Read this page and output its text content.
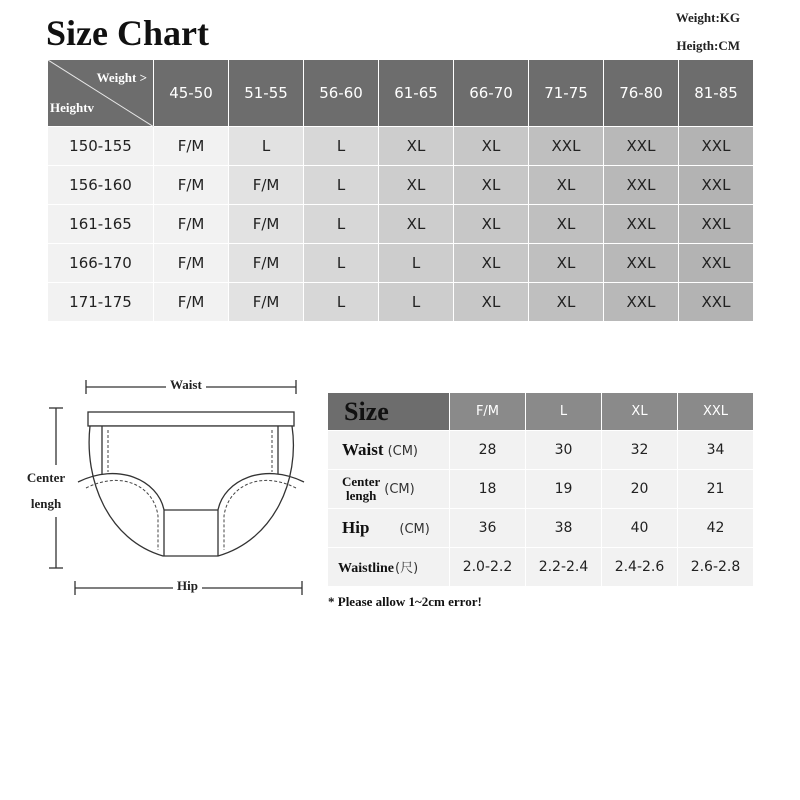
Size Chart	Weight:KG
Heigth:CM
Weight >
Heightv	45-50	51-55	56-60	61-65	66-70	71-75	76-80	81-85
150-155	F/M	L	L	XL	XL	XXL	XXL	XXL
156-160	F/M	F/M	L	XL	XL	XL	XXL	XXL
161-165	F/M	F/M	L	XL	XL	XL	XXL	XXL
166-170	F/M	F/M	L	L	XL	XL	XXL	XXL
171-175	F/M	F/M	L	L	XL	XL	XXL	XXL
Waist
Center
lengh
Hip
Size	F/M	L	XL	XXL
Waist (CM)	28	30	32	34
Center
lengh (CM)	18	19	20	21
Hip (CM)	36	38	40	42
Waistline(尺)	2.0-2.2	2.2-2.4	2.4-2.6	2.6-2.8
* Please allow 1~2cm error!
